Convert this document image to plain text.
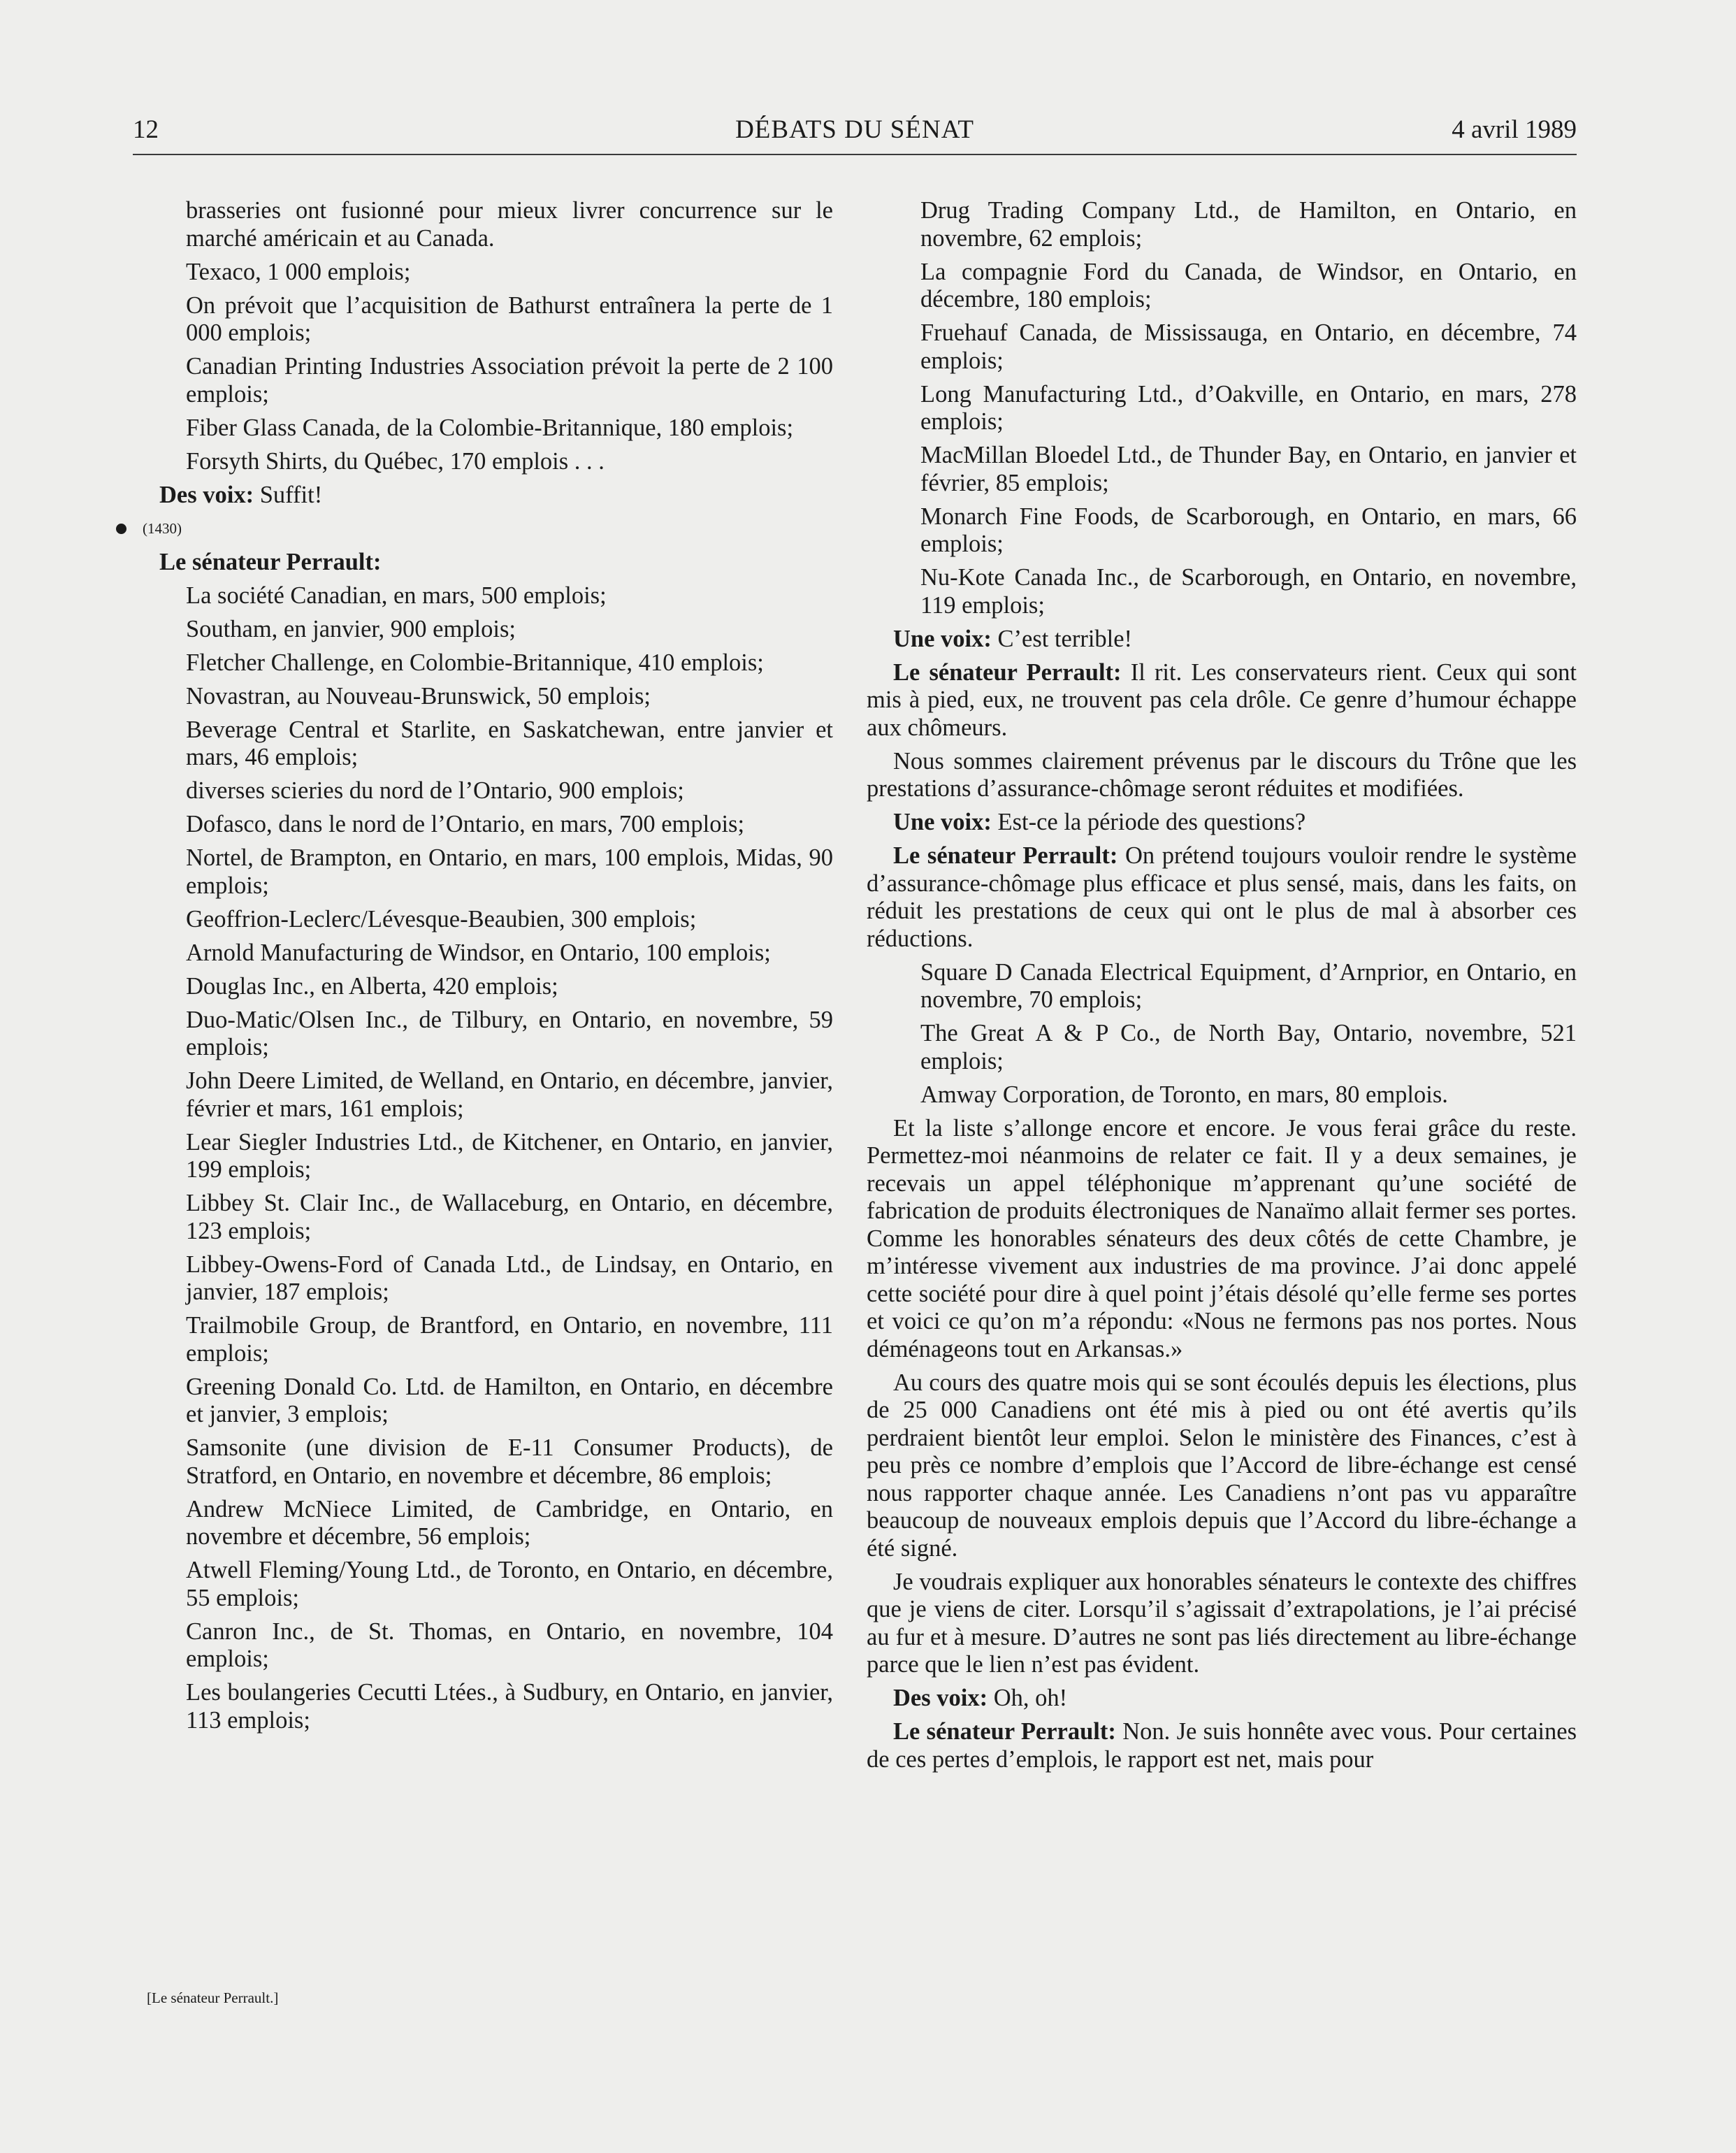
12	DÉBATS DU SÉNAT	4 avril 1989

brasseries ont fusionné pour mieux livrer concurrence sur le marché américain et au Canada.

Texaco, 1 000 emplois;

On prévoit que l’acquisition de Bathurst entraînera la perte de 1 000 emplois;

Canadian Printing Industries Association prévoit la perte de 2 100 emplois;

Fiber Glass Canada, de la Colombie-Britannique, 180 emplois;

Forsyth Shirts, du Québec, 170 emplois . . .

Des voix: Suffit!

(1430)

Le sénateur Perrault:

La société Canadian, en mars, 500 emplois;

Southam, en janvier, 900 emplois;

Fletcher Challenge, en Colombie-Britannique, 410 emplois;

Novastran, au Nouveau-Brunswick, 50 emplois;

Beverage Central et Starlite, en Saskatchewan, entre janvier et mars, 46 emplois;

diverses scieries du nord de l’Ontario, 900 emplois;

Dofasco, dans le nord de l’Ontario, en mars, 700 emplois;

Nortel, de Brampton, en Ontario, en mars, 100 emplois, Midas, 90 emplois;

Geoffrion-Leclerc/Lévesque-Beaubien, 300 emplois;

Arnold Manufacturing de Windsor, en Ontario, 100 emplois;

Douglas Inc., en Alberta, 420 emplois;

Duo-Matic/Olsen Inc., de Tilbury, en Ontario, en novembre, 59 emplois;

John Deere Limited, de Welland, en Ontario, en décembre, janvier, février et mars, 161 emplois;

Lear Siegler Industries Ltd., de Kitchener, en Ontario, en janvier, 199 emplois;

Libbey St. Clair Inc., de Wallaceburg, en Ontario, en décembre, 123 emplois;

Libbey-Owens-Ford of Canada Ltd., de Lindsay, en Ontario, en janvier, 187 emplois;

Trailmobile Group, de Brantford, en Ontario, en novembre, 111 emplois;

Greening Donald Co. Ltd. de Hamilton, en Ontario, en décembre et janvier, 3 emplois;

Samsonite (une division de E-11 Consumer Products), de Stratford, en Ontario, en novembre et décembre, 86 emplois;

Andrew McNiece Limited, de Cambridge, en Ontario, en novembre et décembre, 56 emplois;

Atwell Fleming/Young Ltd., de Toronto, en Ontario, en décembre, 55 emplois;

Canron Inc., de St. Thomas, en Ontario, en novembre, 104 emplois;

Les boulangeries Cecutti Ltées., à Sudbury, en Ontario, en janvier, 113 emplois;

[Le sénateur Perrault.]

Drug Trading Company Ltd., de Hamilton, en Ontario, en novembre, 62 emplois;

La compagnie Ford du Canada, de Windsor, en Ontario, en décembre, 180 emplois;

Fruehauf Canada, de Mississauga, en Ontario, en décembre, 74 emplois;

Long Manufacturing Ltd., d’Oakville, en Ontario, en mars, 278 emplois;

MacMillan Bloedel Ltd., de Thunder Bay, en Ontario, en janvier et février, 85 emplois;

Monarch Fine Foods, de Scarborough, en Ontario, en mars, 66 emplois;

Nu-Kote Canada Inc., de Scarborough, en Ontario, en novembre, 119 emplois;

Une voix: C’est terrible!

Le sénateur Perrault: Il rit. Les conservateurs rient. Ceux qui sont mis à pied, eux, ne trouvent pas cela drôle. Ce genre d’humour échappe aux chômeurs.

Nous sommes clairement prévenus par le discours du Trône que les prestations d’assurance-chômage seront réduites et modifiées.

Une voix: Est-ce la période des questions?

Le sénateur Perrault: On prétend toujours vouloir rendre le système d’assurance-chômage plus efficace et plus sensé, mais, dans les faits, on réduit les prestations de ceux qui ont le plus de mal à absorber ces réductions.

Square D Canada Electrical Equipment, d’Arnprior, en Ontario, en novembre, 70 emplois;

The Great A & P Co., de North Bay, Ontario, novembre, 521 emplois;

Amway Corporation, de Toronto, en mars, 80 emplois.

Et la liste s’allonge encore et encore. Je vous ferai grâce du reste. Permettez-moi néanmoins de relater ce fait. Il y a deux semaines, je recevais un appel téléphonique m’apprenant qu’une société de fabrication de produits électroniques de Nanaïmo allait fermer ses portes. Comme les honorables sénateurs des deux côtés de cette Chambre, je m’intéresse vivement aux industries de ma province. J’ai donc appelé cette société pour dire à quel point j’étais désolé qu’elle ferme ses portes et voici ce qu’on m’a répondu: «Nous ne fermons pas nos portes. Nous déménageons tout en Arkansas.»

Au cours des quatre mois qui se sont écoulés depuis les élections, plus de 25 000 Canadiens ont été mis à pied ou ont été avertis qu’ils perdraient bientôt leur emploi. Selon le ministère des Finances, c’est à peu près ce nombre d’emplois que l’Accord de libre-échange est censé nous rapporter chaque année. Les Canadiens n’ont pas vu apparaître beaucoup de nouveaux emplois depuis que l’Accord du libre-échange a été signé.

Je voudrais expliquer aux honorables sénateurs le contexte des chiffres que je viens de citer. Lorsqu’il s’agissait d’extrapolations, je l’ai précisé au fur et à mesure. D’autres ne sont pas liés directement au libre-échange parce que le lien n’est pas évident.

Des voix: Oh, oh!

Le sénateur Perrault: Non. Je suis honnête avec vous. Pour certaines de ces pertes d’emplois, le rapport est net, mais pour
